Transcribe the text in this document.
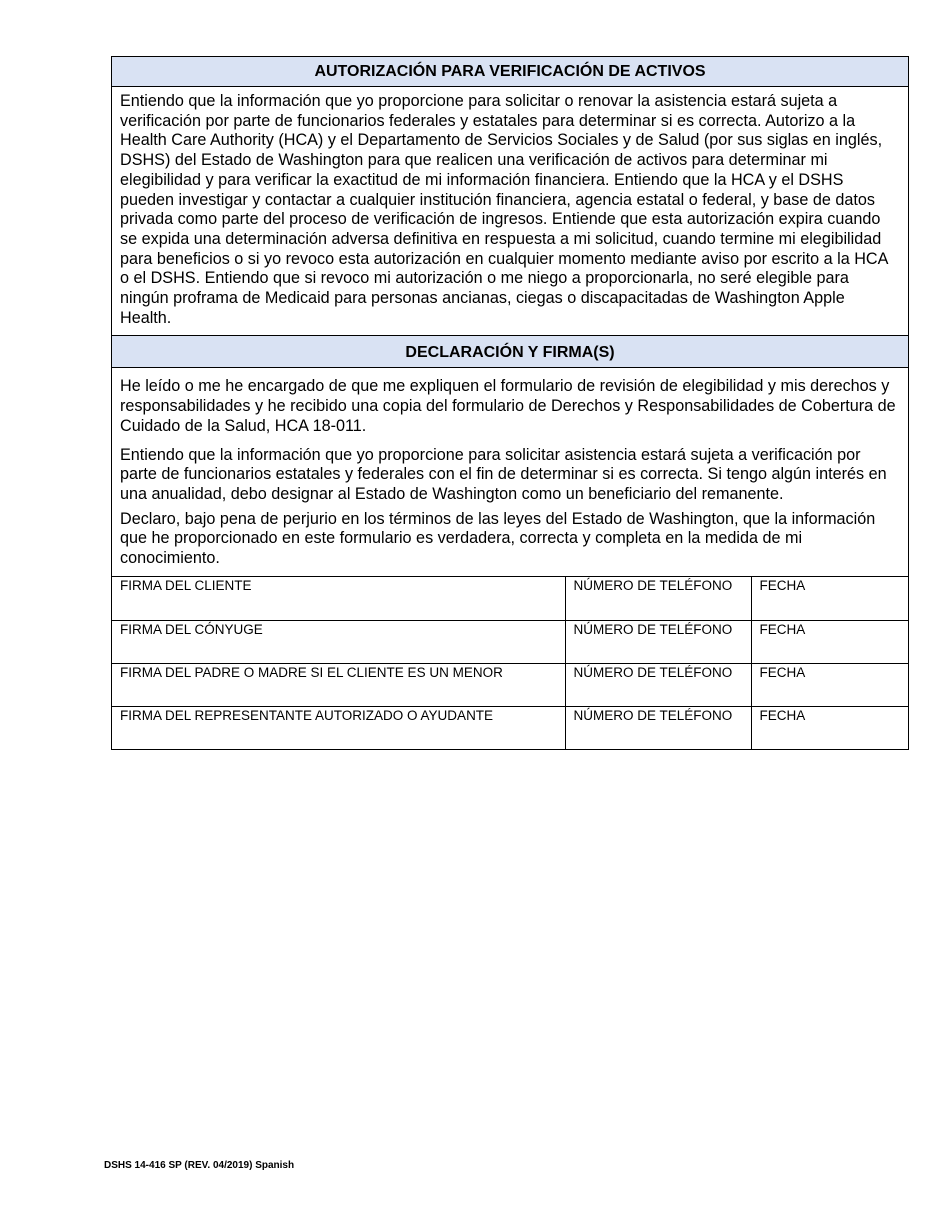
AUTORIZACIÓN PARA VERIFICACIÓN DE ACTIVOS
Entiendo que la información que yo proporcione para solicitar o renovar la asistencia estará sujeta a verificación por parte de funcionarios federales y estatales para determinar si es correcta. Autorizo a la Health Care Authority (HCA) y el Departamento de Servicios Sociales y de Salud (por sus siglas en inglés, DSHS) del Estado de Washington para que realicen una verificación de activos para determinar mi elegibilidad y para verificar la exactitud de mi información financiera. Entiendo que la HCA y el DSHS pueden investigar y contactar a cualquier institución financiera, agencia estatal o federal, y base de datos privada como parte del proceso de verificación de ingresos. Entiende que esta autorización expira cuando se expida una determinación adversa definitiva en respuesta a mi solicitud, cuando termine mi elegibilidad para beneficios o si yo revoco esta autorización en cualquier momento mediante aviso por escrito a la HCA o el DSHS. Entiendo que si revoco mi autorización o me niego a proporcionarla, no seré elegible para ningún proframa de Medicaid para personas ancianas, ciegas o discapacitadas de Washington Apple Health.
DECLARACIÓN Y FIRMA(S)
He leído o me he encargado de que me expliquen el formulario de revisión de elegibilidad y mis derechos y responsabilidades y he recibido una copia del formulario de Derechos y Responsabilidades de Cobertura de Cuidado de la Salud, HCA 18-011.
Entiendo que la información que yo proporcione para solicitar asistencia estará sujeta a verificación por parte de funcionarios estatales y federales con el fin de determinar si es correcta. Si tengo algún interés en una anualidad, debo designar al Estado de Washington como un beneficiario del remanente.
Declaro, bajo pena de perjurio en los términos de las leyes del Estado de Washington, que la información que he proporcionado en este formulario es verdadera, correcta y completa en la medida de mi conocimiento.
FIRMA DEL CLIENTE	NÚMERO DE TELÉFONO	FECHA
FIRMA DEL CÓNYUGE	NÚMERO DE TELÉFONO	FECHA
FIRMA DEL PADRE O MADRE SI EL CLIENTE ES UN MENOR	NÚMERO DE TELÉFONO	FECHA
FIRMA DEL REPRESENTANTE AUTORIZADO O AYUDANTE	NÚMERO DE TELÉFONO	FECHA
DSHS 14-416 SP (REV. 04/2019) Spanish
